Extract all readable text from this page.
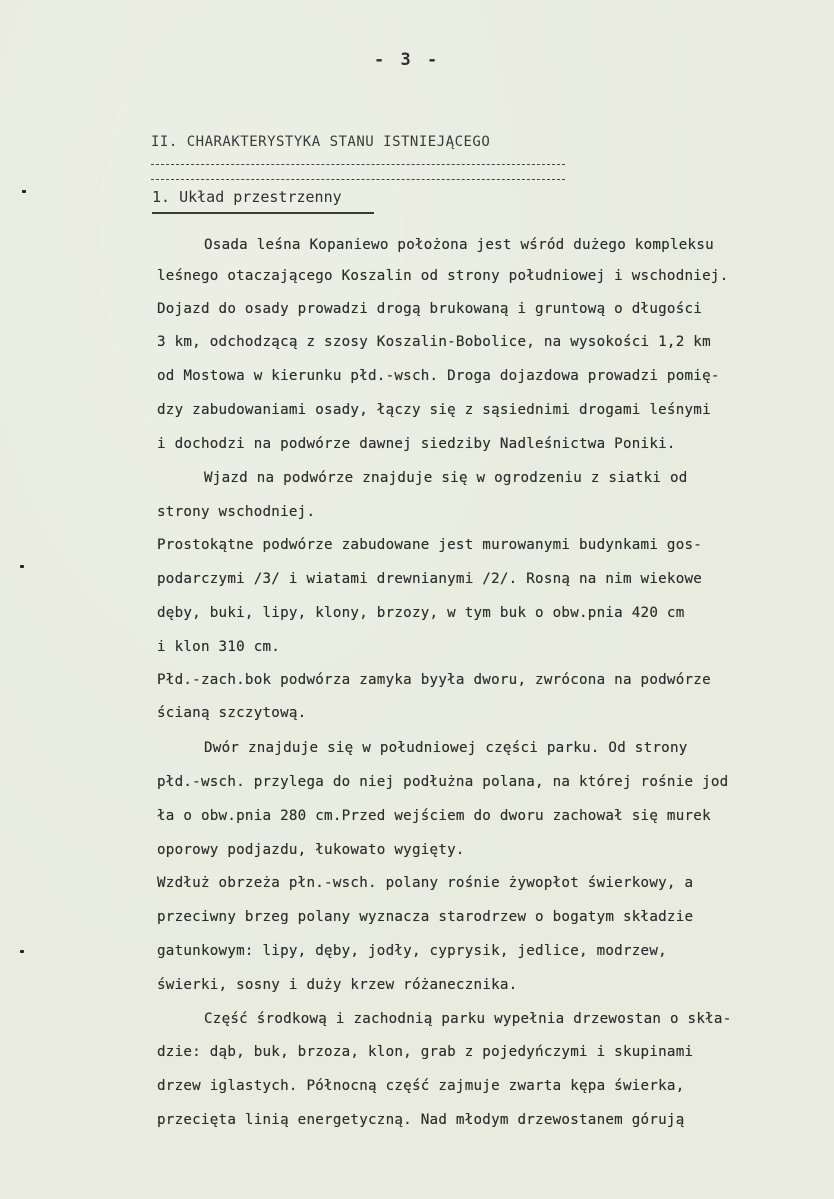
- 3 -
II. CHARAKTERYSTYKA STANU ISTNIEJĄCEGO

1. Układ przestrzenny
Osada leśna Kopaniewo położona jest wśród dużego kompleksu
leśnego otaczającego Koszalin od strony południowej i wschodniej.
Dojazd do osady prowadzi drogą brukowaną i gruntową o długości
3 km, odchodzącą z szosy Koszalin-Bobolice, na wysokości 1,2 km
od Mostowa w kierunku płd.-wsch. Droga dojazdowa prowadzi pomię-
dzy zabudowaniami osady, łączy się z sąsiednimi drogami leśnymi
i dochodzi na podwórze dawnej siedziby Nadleśnictwa Poniki.
Wjazd na podwórze znajduje się w ogrodzeniu z siatki od
strony wschodniej.
Prostokątne podwórze zabudowane jest murowanymi budynkami gos-
podarczymi /3/ i wiatami drewnianymi /2/. Rosną na nim wiekowe
dęby, buki, lipy, klony, brzozy, w tym buk o obw.pnia 420 cm
i klon 310 cm.
Płd.-zach.bok podwórza zamyka byyła dworu, zwrócona na podwórze
ścianą szczytową.
Dwór znajduje się w południowej części parku. Od strony
płd.-wsch. przylega do niej podłużna polana, na której rośnie jod
ła o obw.pnia 280 cm.Przed wejściem do dworu zachował się murek
oporowy podjazdu, łukowato wygięty.
Wzdłuż obrzeża płn.-wsch. polany rośnie żywopłot świerkowy, a
przeciwny brzeg polany wyznacza starodrzew o bogatym składzie
gatunkowym: lipy, dęby, jodły, cyprysik, jedlice, modrzew,
świerki, sosny i duży krzew różanecznika.
Część środkową i zachodnią parku wypełnia drzewostan o skła-
dzie: dąb, buk, brzoza, klon, grab z pojedyńczymi i skupinami
drzew iglastych. Północną część zajmuje zwarta kępa świerka,
przecięta linią energetyczną. Nad młodym drzewostanem górują
